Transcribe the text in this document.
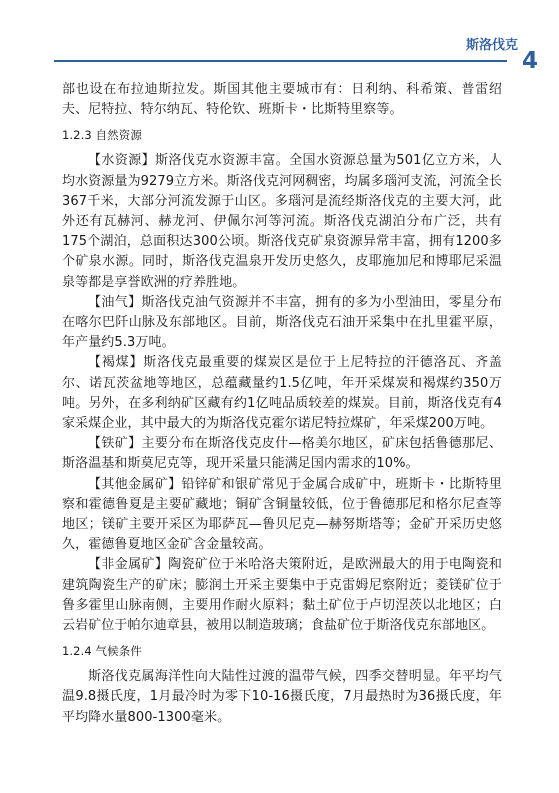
斯洛伐克
4

部也设在布拉迪斯拉发。斯国其他主要城市有：日利纳、科希策、普雷绍夫、尼特拉、特尔纳瓦、特伦钦、班斯卡・比斯特里察等。

1.2.3 自然资源

【水资源】斯洛伐克水资源丰富。全国水资源总量为501亿立方米，人均水资源量为9279立方米。斯洛伐克河网稠密，均属多瑙河支流，河流全长367千米，大部分河流发源于山区。多瑙河是流经斯洛伐克的主要大河，此外还有瓦赫河、赫龙河、伊佩尔河等河流。斯洛伐克湖泊分布广泛，共有175个湖泊，总面积达300公顷。斯洛伐克矿泉资源异常丰富，拥有1200多个矿泉水源。同时，斯洛伐克温泉开发历史悠久，皮耶施加尼和博耶尼采温泉等都是享誉欧洲的疗养胜地。

【油气】斯洛伐克油气资源并不丰富，拥有的多为小型油田，零星分布在喀尔巴阡山脉及东部地区。目前，斯洛伐克石油开采集中在扎里霍平原，年产量约5.3万吨。

【褐煤】斯洛伐克最重要的煤炭区是位于上尼特拉的汗德洛瓦、齐盖尔、诺瓦茨盆地等地区，总蕴藏量约1.5亿吨，年开采煤炭和褐煤约350万吨。另外，在多利纳矿区藏有约1亿吨品质较差的煤炭。目前，斯洛伐克有4家采煤企业，其中最大的为斯洛伐克霍尔诺尼特拉煤矿，年采煤200万吨。

【铁矿】主要分布在斯洛伐克皮什—格美尔地区，矿床包括鲁德那尼、斯洛温基和斯莫尼克等，现开采量只能满足国内需求的10%。

【其他金属矿】铅锌矿和银矿常见于金属合成矿中，班斯卡・比斯特里察和霍德鲁夏是主要矿藏地；铜矿含铜量较低，位于鲁德那尼和格尔尼查等地区；镁矿主要开采区为耶萨瓦—鲁贝尼克—赫努斯塔等；金矿开采历史悠久，霍德鲁夏地区金矿含金量较高。

【非金属矿】陶瓷矿位于米哈洛夫策附近，是欧洲最大的用于电陶瓷和建筑陶瓷生产的矿床；膨润土开采主要集中于克雷姆尼察附近；菱镁矿位于鲁多霍里山脉南侧，主要用作耐火原料；黏土矿位于卢切涅茨以北地区；白云岩矿位于帕尔迪章县，被用以制造玻璃；食盐矿位于斯洛伐克东部地区。

1.2.4 气候条件

斯洛伐克属海洋性向大陆性过渡的温带气候，四季交替明显。年平均气温9.8摄氏度，1月最冷时为零下10-16摄氏度，7月最热时为36摄氏度，年平均降水量800-1300毫米。
